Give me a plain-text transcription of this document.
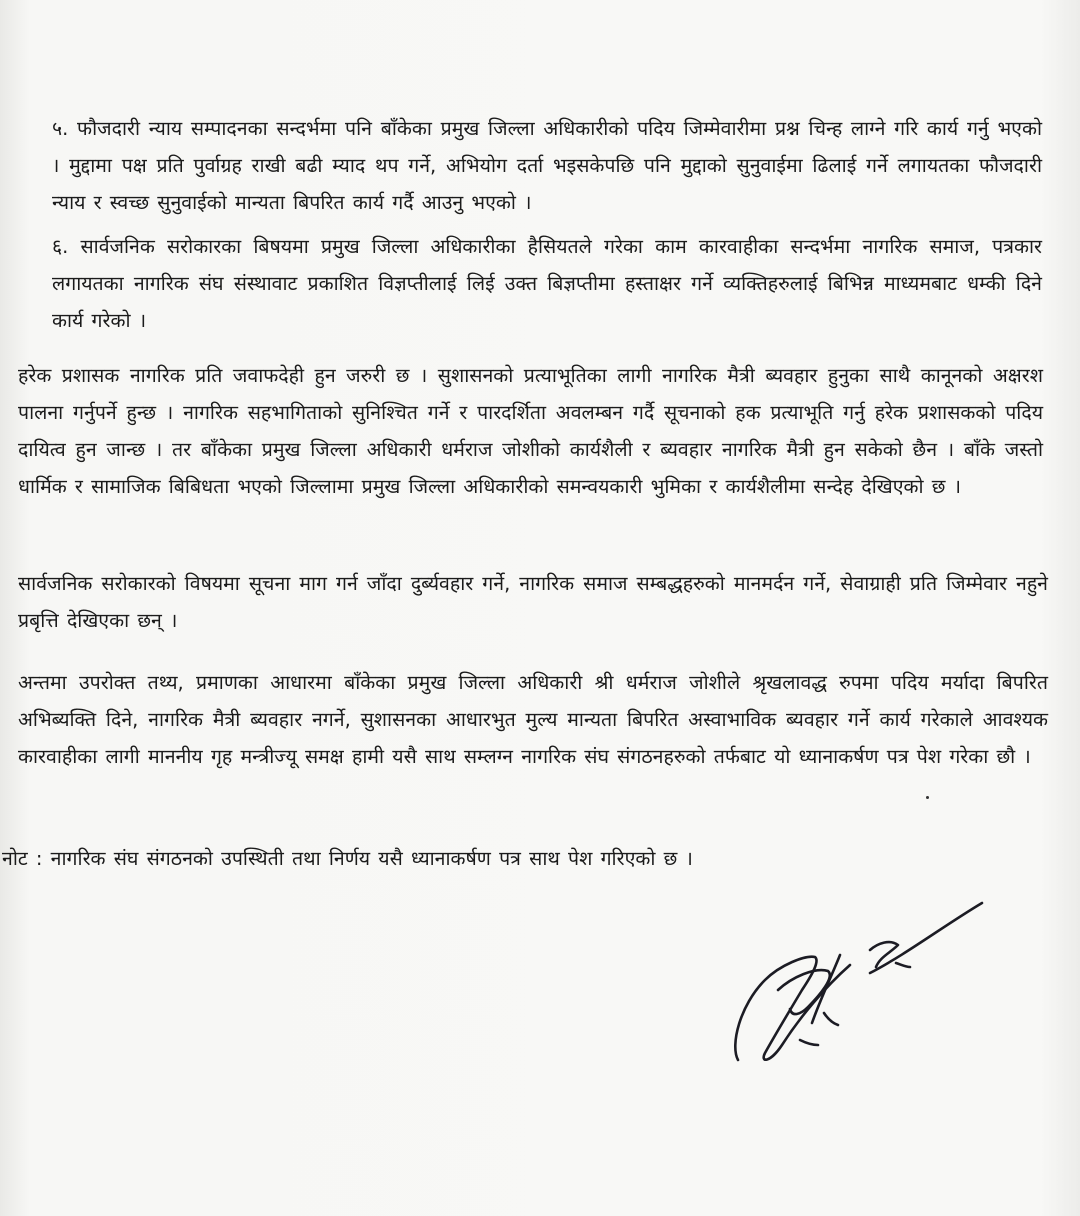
५. फौजदारी न्याय सम्पादनका सन्दर्भमा पनि बाँकेका प्रमुख जिल्ला अधिकारीको पदिय जिम्मेवारीमा प्रश्न चिन्ह लाग्ने गरि कार्य गर्नु भएको । मुद्दामा पक्ष प्रति पुर्वाग्रह राखी बढी म्याद थप गर्ने, अभियोग दर्ता भइसकेपछि पनि मुद्दाको सुनुवाईमा ढिलाई गर्ने लगायतका फौजदारी न्याय र स्वच्छ सुनुवाईको मान्यता बिपरित कार्य गर्दै आउनु भएको ।

६. सार्वजनिक सरोकारका बिषयमा प्रमुख जिल्ला अधिकारीका हैसियतले गरेका काम कारवाहीका सन्दर्भमा नागरिक समाज, पत्रकार लगायतका नागरिक संघ संस्थावाट प्रकाशित विज्ञप्तीलाई लिई उक्त बिज्ञप्तीमा हस्ताक्षर गर्ने व्यक्तिहरुलाई बिभिन्न माध्यमबाट धम्की दिने कार्य गरेको ।

हरेक प्रशासक नागरिक प्रति जवाफदेही हुन जरुरी छ । सुशासनको प्रत्याभूतिका लागी नागरिक मैत्री ब्यवहार हुनुका साथै कानूनको अक्षरश पालना गर्नुपर्ने हुन्छ । नागरिक सहभागिताको सुनिश्चित गर्ने र पारदर्शिता अवलम्बन गर्दै सूचनाको हक प्रत्याभूति गर्नु हरेक प्रशासकको पदिय दायित्व हुन जान्छ । तर बाँकेका प्रमुख जिल्ला अधिकारी धर्मराज जोशीको कार्यशैली र ब्यवहार नागरिक मैत्री हुन सकेको छैन । बाँके जस्तो धार्मिक र सामाजिक बिबिधता भएको जिल्लामा प्रमुख जिल्ला अधिकारीको समन्वयकारी भुमिका र कार्यशैलीमा सन्देह देखिएको छ ।

सार्वजनिक सरोकारको विषयमा सूचना माग गर्न जाँदा दुर्ब्यवहार गर्ने, नागरिक समाज सम्बद्धहरुको मानमर्दन गर्ने, सेवाग्राही प्रति जिम्मेवार नहुने प्रबृत्ति देखिएका छन् ।

अन्तमा उपरोक्त तथ्य, प्रमाणका आधारमा बाँकेका प्रमुख जिल्ला अधिकारी श्री धर्मराज जोशीले श्रृखलावद्ध रुपमा पदिय मर्यादा बिपरित अभिब्यक्ति दिने, नागरिक मैत्री ब्यवहार नगर्ने, सुशासनका आधारभुत मुल्य मान्यता बिपरित अस्वाभाविक ब्यवहार गर्ने कार्य गरेकाले आवश्यक कारवाहीका लागी माननीय गृह मन्त्रीज्यू समक्ष हामी यसै साथ सम्लग्न नागरिक संघ संगठनहरुको तर्फबाट यो ध्यानाकर्षण पत्र पेश गरेका छौ ।

नोट : नागरिक संघ संगठनको उपस्थिती तथा निर्णय यसै ध्यानाकर्षण पत्र साथ पेश गरिएको छ ।
